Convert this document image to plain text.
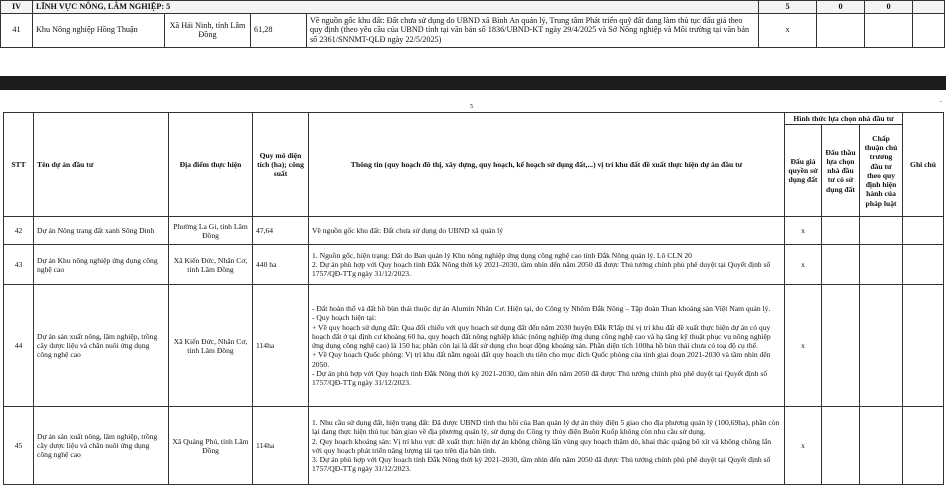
IV	LĨNH VỰC NÔNG, LÂM NGHIỆP: 5				5	0	0	
41	Khu Nông nghiệp Hồng Thuận	Xã Hải Ninh, tỉnh Lâm Đồng	61,28	Về nguồn gốc khu đất: Đất chưa sử dụng do UBND xã Bình An quản lý, Trung tâm Phát triển quỹ đất đang làm thủ tục đấu giá theo quy định (theo yêu cầu của UBND tỉnh tại văn bản số 1836/UBND-KT ngày 29/4/2025 và Sở Nông nghiệp và Môi trường tại văn bản số 2361/SNNMT-QLĐ ngày 22/5/2025)	x			
-
5
STT	Tên dự án đầu tư	Địa điểm thực hiện	Quy mô diện tích (ha); công suất	Thông tin (quy hoạch đô thị, xây dựng, quy hoạch, kế hoạch sử dụng đất,...) vị trí khu đất đề xuất thực hiện dự án đầu tư	Hình thức lựa chọn nhà đầu tư			Ghi chú
					Đấu giá quyền sử dụng đất	Đấu thầu lựa chọn nhà đầu tư có sử dụng đất	Chấp thuận chủ trương đầu tư theo quy định hiện hành của pháp luật	
42	Dự án Nông trang đất xanh Sông Dinh	Phường La Gi, tỉnh Lâm Đồng	47,64	Về nguồn gốc khu đất: Đất chưa sử dụng do UBND xã quản lý	x			
43	Dự án Khu nông nghiệp ứng dụng công nghệ cao	Xã Kiến Đức, Nhân Cơ, tỉnh Lâm Đồng	440 ha	1. Nguồn gốc, hiện trạng: Đất do Ban quản lý Khu nông nghiệp ứng dụng công nghệ cao tỉnh Đắk Nông quản lý. Lô CLN 20
2. Dự án phù hợp với Quy hoạch tỉnh Đắk Nông thời kỳ 2021-2030, tầm nhìn đến năm 2050 đã được Thủ tướng chính phủ phê duyệt tại Quyết định số 1757/QĐ-TTg ngày 31/12/2023.	x			
44	Dự án sản xuất nông, lâm nghiệp, trồng cây dược liệu và chăn nuôi ứng dụng công nghệ cao	Xã Kiến Đức, Nhân Cơ, tỉnh Lâm Đồng	114ha	- Đất hoàn thổ và đất hồ bùn thải thuộc dự án Alumin Nhân Cơ. Hiện tại, do Công ty Nhôm Đắk Nông – Tập đoàn Than khoáng sản Việt Nam quản lý.
- Quy hoạch hiện tại:
+ Về quy hoạch sử dụng đất: Qua đối chiếu với quy hoạch sử dụng đất đến năm 2030 huyện Đắk R'lấp thì vị trí khu đất đề xuất thực hiện dự án có quy hoạch đất ở tại định cư khoảng 60 ha, quy hoạch đất nông nghiệp khác (nông nghiệp ứng dụng công nghệ cao và hạ tầng kỹ thuật phục vụ nông nghiệp ứng dụng công nghệ cao) là 150 ha; phần còn lại là đất sử dụng cho hoạt động khoáng sản. Phần diện tích 100ha hồ bùn thải chưa có toạ độ cụ thể.
+ Về Quy hoạch Quốc phòng: Vị trí khu đất nằm ngoài đất quy hoạch ưu tiên cho mục đích Quốc phòng của tỉnh giai đoạn 2021-2030 và tầm nhìn đến 2050.
- Dự án phù hợp với Quy hoạch tỉnh Đắk Nông thời kỳ 2021-2030, tầm nhìn đến năm 2050 đã được Thủ tướng chính phủ phê duyệt tại Quyết định số 1757/QĐ-TTg ngày 31/12/2023.	x			
45	Dự án sản xuất nông, lâm nghiệp, trồng cây dược liệu và chăn nuôi ứng dụng công nghệ cao	Xã Quảng Phú, tỉnh Lâm Đồng	114ha	1. Nhu cầu sử dụng đất, hiện trạng đất: Đã được UBND tỉnh thu hồi của Ban quản lý dự án thủy điện 5 giao cho địa phương quản lý (100,69ha), phần còn lại đang thực hiện thủ tục bàn giao về địa phương quản lý, sử dụng do Công ty thủy điện Buôn Kuốp không còn nhu cầu sử dụng.
2. Quy hoạch khoáng sản: Vị trí khu vực đề xuất thực hiện dự án không chồng lấn vùng quy hoạch thăm dò, khai thác quặng bô xít và không chồng lấn với quy hoạch phát triển năng lượng tái tạo trên địa bàn tỉnh.
3. Dự án phù hợp với Quy hoạch tỉnh Đắk Nông thời kỳ 2021-2030, tầm nhìn đến năm 2050 đã được Thủ tướng chính phủ phê duyệt tại Quyết định số 1757/QĐ-TTg ngày 31/12/2023.	x			
